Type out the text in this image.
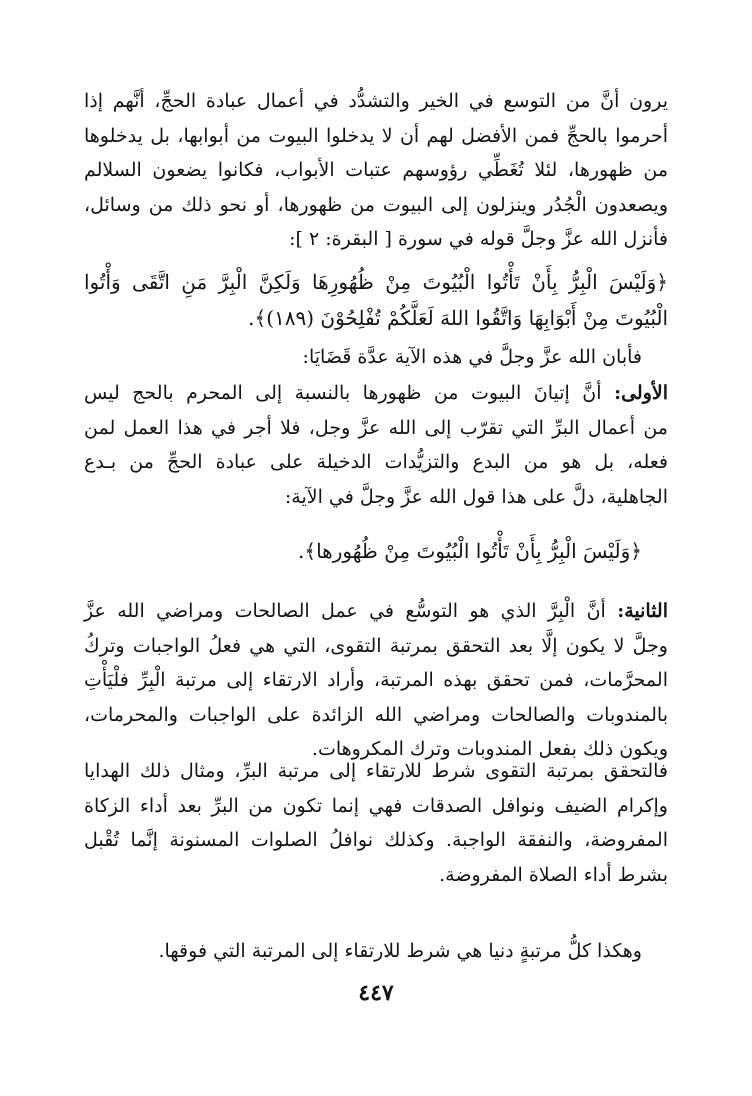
يرون أنَّ من التوسع في الخير والتشدُّد في أعمال عبادة الحجِّ، أنَّهم إذا
أحرموا بالحجِّ فمن الأفضل لهم أن لا يدخلوا البيوت من أبوابها، بل يدخلوها
من ظهورها، لئلا تُغَطِّي رؤوسهم عتبات الأبواب، فكانوا يضعون السلالم
ويصعدون الْجُدُر وينزلون إلى البيوت من ظهورها، أو نحو ذلك من وسائل،
فأنزل الله عزَّ وجلَّ قوله في سورة [ البقرة: ٢ ]:
﴿وَلَيْسَ الْبِرُّ بِأَنْ تَأْتُوا الْبُيُوتَ مِنْ ظُهُورِهَا وَلَكِنَّ الْبِرَّ مَنِ اتَّقَى وَأْتُوا
الْبُيُوتَ مِنْ أَبْوَابِهَا وَاتَّقُوا اللهَ لَعَلَّكُمْ تُفْلِحُوْنَ (١٨٩)﴾.
فأبان الله عزَّ وجلَّ في هذه الآية عدَّة قَضَايَا:
الأولى: أنَّ إتيانَ البيوت من ظهورها بالنسبة إلى المحرم بالحج ليس
من أعمال البرِّ التي تقرّب إلى الله عزَّ وجل، فلا أجر في هذا العمل لمن
فعله، بل هو من البدع والتزيُّدات الدخيلة على عبادة الحجِّ من بـدع
الجاهلية، دلَّ على هذا قول الله عزَّ وجلَّ في الآية:
﴿وَلَيْسَ الْبِرُّ بِأَنْ تَأْتُوا الْبُيُوتَ مِنْ ظُهُورها﴾.
الثانية: أنَّ الْبِرَّ الذي هو التوسُّع في عمل الصالحات ومراضي الله عزَّ
وجلَّ لا يكون إلَّا بعد التحقق بمرتبة التقوى، التي هي فعلُ الواجبات وتركُ
المحرَّمات، فمن تحقق بهذه المرتبة، وأراد الارتقاء إلى مرتبة الْبِرِّ فلْيَأْتِ
بالمندوبات والصالحات ومراضي الله الزائدة على الواجبات والمحرمات،
ويكون ذلك بفعل المندوبات وترك المكروهات.
فالتحقق بمرتبة التقوى شرط للارتقاء إلى مرتبة البرِّ، ومثال ذلك الهدايا
وإكرام الضيف ونوافل الصدقات فهي إنما تكون من البرِّ بعد أداء الزكاة
المفروضة، والنفقة الواجبة. وكذلك نوافلُ الصلوات المسنونة إنَّما تُقْبل
بشرط أداء الصلاة المفروضة.
وهكذا كلُّ مرتبةٍ دنيا هي شرط للارتقاء إلى المرتبة التي فوقها.
٤٤٧
